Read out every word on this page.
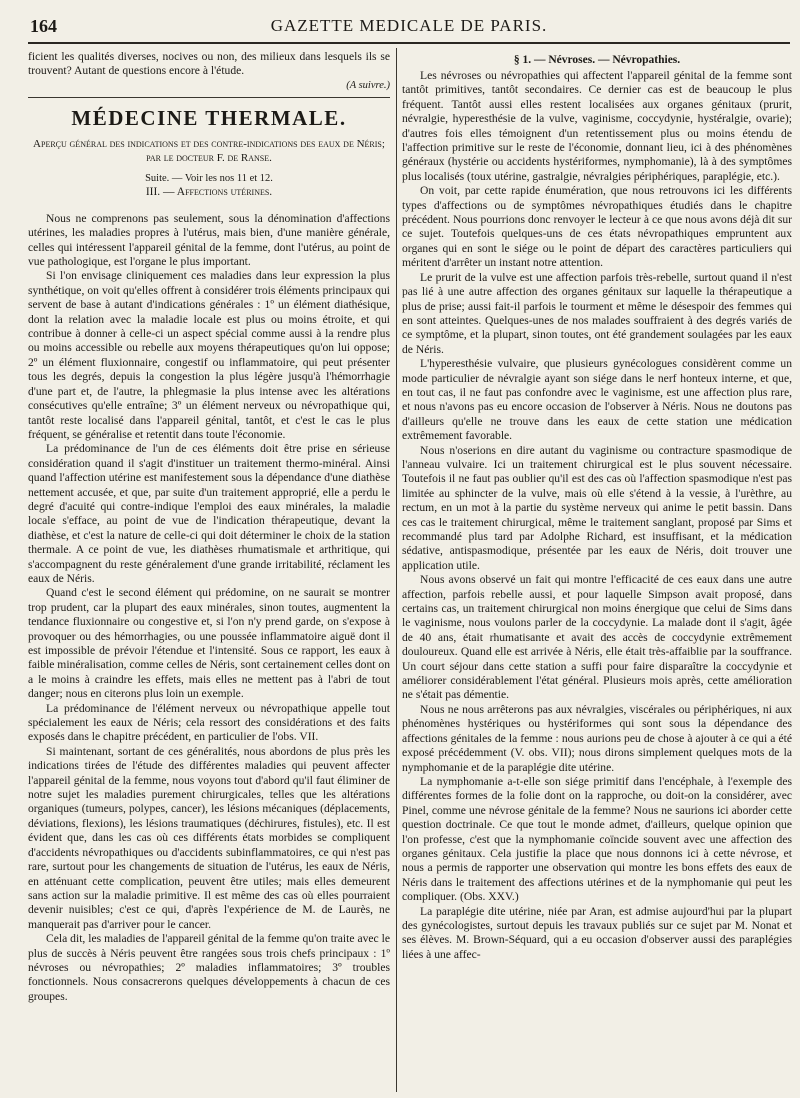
164	GAZETTE MEDICALE DE PARIS.

ficient les qualités diverses, nocives ou non, des milieux dans lesquels ils se trouvent? Autant de questions encore à l'étude.

(A suivre.)
MÉDECINE THERMALE.
Aperçu général des indications et des contre-indications des eaux de Néris; par le docteur F. de Ranse.
Suite. — Voir les nos 11 et 12.
III. — Affections utérines.

Nous ne comprenons pas seulement, sous la dénomination d'affections utérines, les maladies propres à l'utérus, mais bien, d'une manière générale, celles qui intéressent l'appareil génital de la femme, dont l'utérus, au point de vue pathologique, est l'organe le plus important.

Si l'on envisage cliniquement ces maladies dans leur expression la plus synthétique, on voit qu'elles offrent à considérer trois éléments principaux qui servent de base à autant d'indications générales : 1º un élément diathésique, dont la relation avec la maladie locale est plus ou moins étroite, et qui contribue à donner à celle-ci un aspect spécial comme aussi à la rendre plus ou moins accessible ou rebelle aux moyens thérapeutiques qu'on lui oppose; 2º un élément fluxionnaire, congestif ou inflammatoire, qui peut présenter tous les degrés, depuis la congestion la plus légère jusqu'à l'hémorrhagie d'une part et, de l'autre, la phlegmasie la plus intense avec les altérations consécutives qu'elle entraîne; 3º un élément nerveux ou névropathique qui, tantôt reste localisé dans l'appareil génital, tantôt, et c'est le cas le plus fréquent, se généralise et retentit dans toute l'économie.

La prédominance de l'un de ces éléments doit être prise en sérieuse considération quand il s'agit d'instituer un traitement thermo-minéral. Ainsi quand l'affection utérine est manifestement sous la dépendance d'une diathèse nettement accusée, et que, par suite d'un traitement approprié, elle a perdu le degré d'acuité qui contre-indique l'emploi des eaux minérales, la maladie locale s'efface, au point de vue de l'indication thérapeutique, devant la diathèse, et c'est la nature de celle-ci qui doit déterminer le choix de la station thermale. A ce point de vue, les diathèses rhumatismale et arthritique, qui s'accompagnent du reste généralement d'une grande irritabilité, réclament les eaux de Néris.

Quand c'est le second élément qui prédomine, on ne saurait se montrer trop prudent, car la plupart des eaux minérales, sinon toutes, augmentent la tendance fluxionnaire ou congestive et, si l'on n'y prend garde, on s'expose à provoquer ou des hémorrhagies, ou une poussée inflammatoire aiguë dont il est impossible de prévoir l'étendue et l'intensité. Sous ce rapport, les eaux à faible minéralisation, comme celles de Néris, sont certainement celles dont on a le moins à craindre les effets, mais elles ne mettent pas à l'abri de tout danger; nous en citerons plus loin un exemple.

La prédominance de l'élément nerveux ou névropathique appelle tout spécialement les eaux de Néris; cela ressort des considérations et des faits exposés dans le chapitre précédent, en particulier de l'obs. VII.

Si maintenant, sortant de ces généralités, nous abordons de plus près les indications tirées de l'étude des différentes maladies qui peuvent affecter l'appareil génital de la femme, nous voyons tout d'abord qu'il faut éliminer de notre sujet les maladies purement chirurgicales, telles que les altérations organiques (tumeurs, polypes, cancer), les lésions mécaniques (déplacements, déviations, flexions), les lésions traumatiques (déchirures, fistules), etc. Il est évident que, dans les cas où ces différents états morbides se compliquent d'accidents névropathiques ou d'accidents subinflammatoires, ce qui n'est pas rare, surtout pour les changements de situation de l'utérus, les eaux de Néris, en atténuant cette complication, peuvent être utiles; mais elles demeurent sans action sur la maladie primitive. Il est même des cas où elles pourraient devenir nuisibles; c'est ce qui, d'après l'expérience de M. de Laurès, ne manquerait pas d'arriver pour le cancer.

Cela dit, les maladies de l'appareil génital de la femme qu'on traite avec le plus de succès à Néris peuvent être rangées sous trois chefs principaux : 1º névroses ou névropathies; 2º maladies inflammatoires; 3º troubles fonctionnels. Nous consacrerons quelques développements à chacun de ces groupes.

§ 1. — Névroses. — Névropathies.

Les névroses ou névropathies qui affectent l'appareil génital de la femme sont tantôt primitives, tantôt secondaires. Ce dernier cas est de beaucoup le plus fréquent. Tantôt aussi elles restent localisées aux organes génitaux (prurit, névralgie, hyperesthésie de la vulve, vaginisme, coccydynie, hystéralgie, ovarie); d'autres fois elles témoignent d'un retentissement plus ou moins étendu de l'affection primitive sur le reste de l'économie, donnant lieu, ici à des phénomènes généraux (hystérie ou accidents hystériformes, nymphomanie), là à des symptômes plus localisés (toux utérine, gastralgie, névralgies périphériques, paraplégie, etc.).

On voit, par cette rapide énumération, que nous retrouvons ici les différents types d'affections ou de symptômes névropathiques étudiés dans le chapitre précédent. Nous pourrions donc renvoyer le lecteur à ce que nous avons déjà dit sur ce sujet. Toutefois quelques-uns de ces états névropathiques empruntent aux organes qui en sont le siége ou le point de départ des caractères particuliers qui méritent d'arrêter un instant notre attention.

Le prurit de la vulve est une affection parfois très-rebelle, surtout quand il n'est pas lié à une autre affection des organes génitaux sur laquelle la thérapeutique a plus de prise; aussi fait-il parfois le tourment et même le désespoir des femmes qui en sont atteintes. Quelques-unes de nos malades souffraient à des degrés variés de ce symptôme, et la plupart, sinon toutes, ont été grandement soulagées par les eaux de Néris.

L'hyperesthésie vulvaire, que plusieurs gynécologues considèrent comme un mode particulier de névralgie ayant son siége dans le nerf honteux interne, et que, en tout cas, il ne faut pas confondre avec le vaginisme, est une affection plus rare, et nous n'avons pas eu encore occasion de l'observer à Néris. Nous ne doutons pas d'ailleurs qu'elle ne trouve dans les eaux de cette station une médication extrêmement favorable.

Nous n'oserions en dire autant du vaginisme ou contracture spasmodique de l'anneau vulvaire. Ici un traitement chirurgical est le plus souvent nécessaire. Toutefois il ne faut pas oublier qu'il est des cas où l'affection spasmodique n'est pas limitée au sphincter de la vulve, mais où elle s'étend à la vessie, à l'urèthre, au rectum, en un mot à la partie du système nerveux qui anime le petit bassin. Dans ces cas le traitement chirurgical, même le traitement sanglant, proposé par Sims et recommandé plus tard par Adolphe Richard, est insuffisant, et la médication sédative, antispasmodique, présentée par les eaux de Néris, doit trouver une application utile.

Nous avons observé un fait qui montre l'efficacité de ces eaux dans une autre affection, parfois rebelle aussi, et pour laquelle Simpson avait proposé, dans certains cas, un traitement chirurgical non moins énergique que celui de Sims dans le vaginisme, nous voulons parler de la coccydynie. La malade dont il s'agit, âgée de 40 ans, était rhumatisante et avait des accès de coccydynie extrêmement douloureux. Quand elle est arrivée à Néris, elle était très-affaiblie par la souffrance. Un court séjour dans cette station a suffi pour faire disparaître la coccydynie et améliorer considérablement l'état général. Plusieurs mois après, cette amélioration ne s'était pas démentie.

Nous ne nous arrêterons pas aux névralgies, viscérales ou périphériques, ni aux phénomènes hystériques ou hystériformes qui sont sous la dépendance des affections génitales de la femme : nous aurions peu de chose à ajouter à ce qui a été exposé précédemment (V. obs. VII); nous dirons simplement quelques mots de la nymphomanie et de la paraplégie dite utérine.

La nymphomanie a-t-elle son siége primitif dans l'encéphale, à l'exemple des différentes formes de la folie dont on la rapproche, ou doit-on la considérer, avec Pinel, comme une névrose génitale de la femme? Nous ne saurions ici aborder cette question doctrinale. Ce que tout le monde admet, d'ailleurs, quelque opinion que l'on professe, c'est que la nymphomanie coïncide souvent avec une affection des organes génitaux. Cela justifie la place que nous donnons ici à cette névrose, et nous a permis de rapporter une observation qui montre les bons effets des eaux de Néris dans le traitement des affections utérines et de la nymphomanie qui peut les compliquer. (Obs. XXV.)

La paraplégie dite utérine, niée par Aran, est admise aujourd'hui par la plupart des gynécologistes, surtout depuis les travaux publiés sur ce sujet par M. Nonat et ses élèves. M. Brown-Séquard, qui a eu occasion d'observer aussi des paraplégies liées à une affec-
